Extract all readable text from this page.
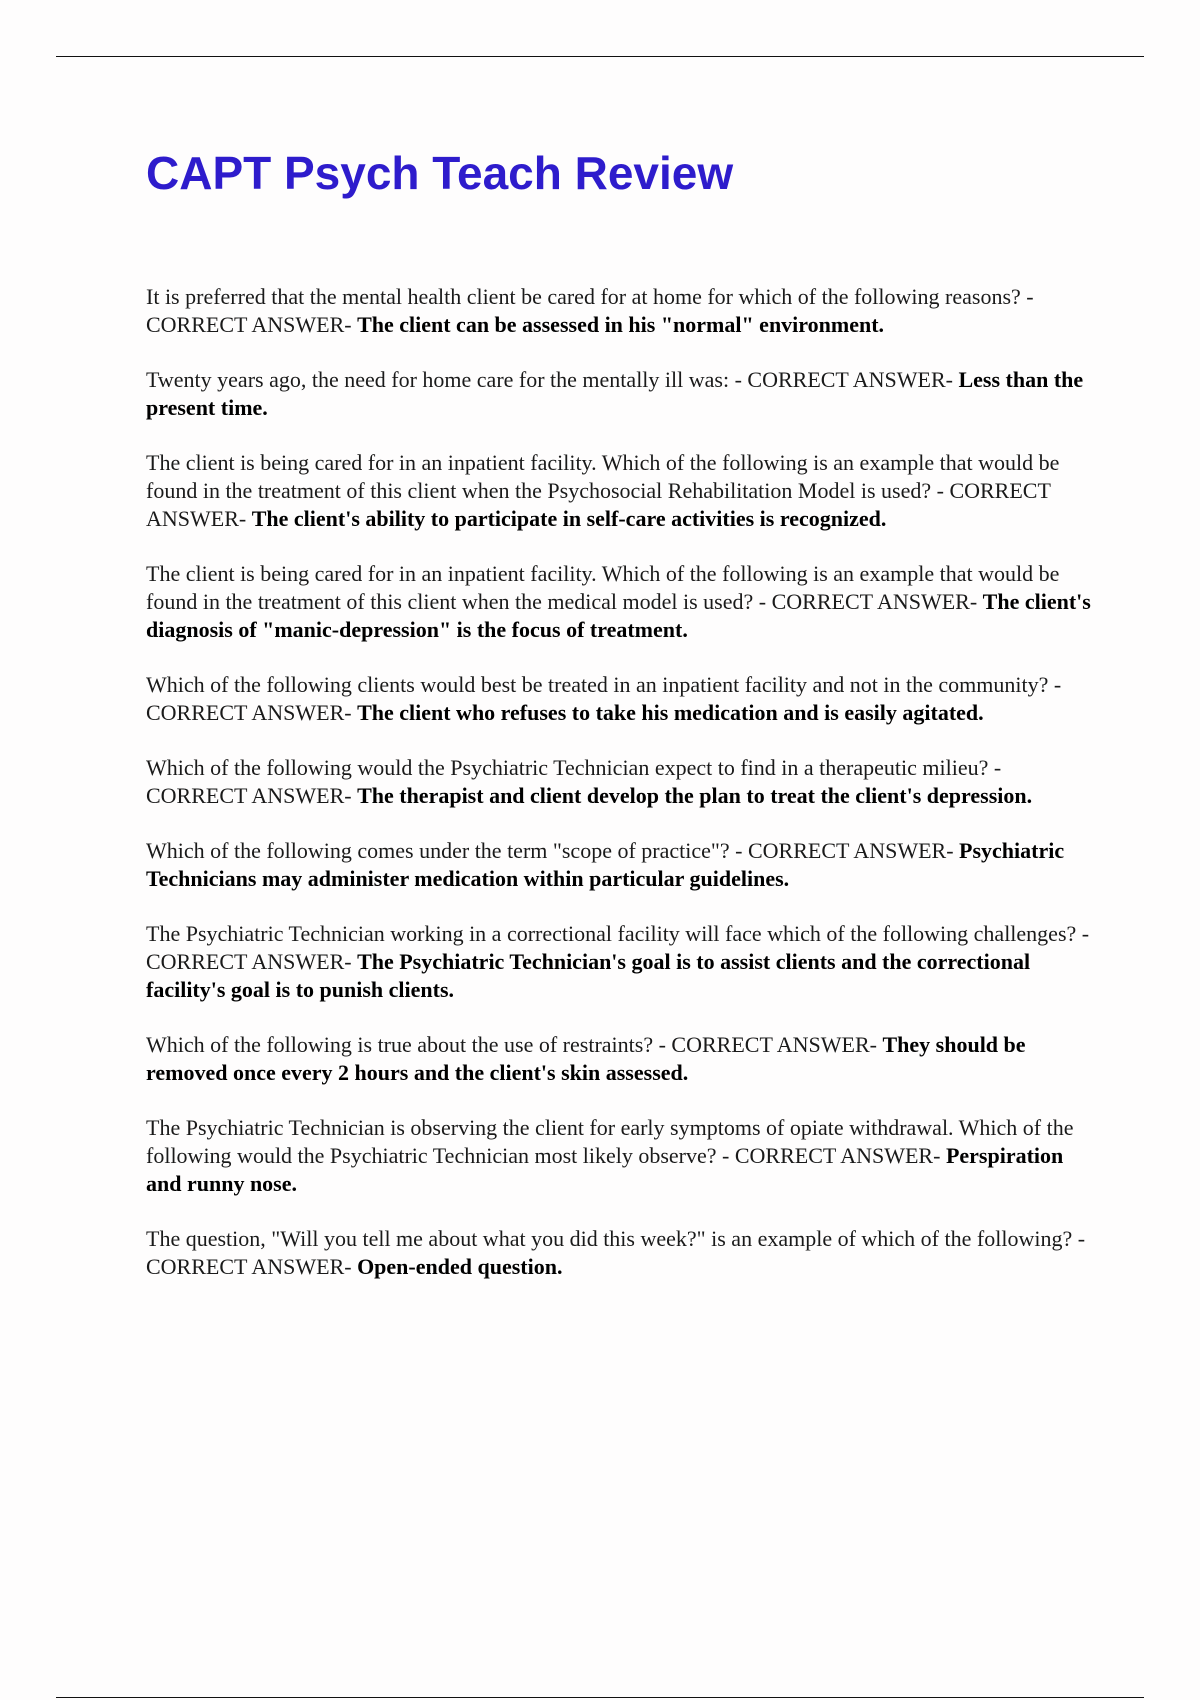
CAPT Psych Teach Review

It is preferred that the mental health client be cared for at home for which of the following reasons? - CORRECT ANSWER- The client can be assessed in his "normal" environment.

Twenty years ago, the need for home care for the mentally ill was: - CORRECT ANSWER- Less than the present time.

The client is being cared for in an inpatient facility. Which of the following is an example that would be found in the treatment of this client when the Psychosocial Rehabilitation Model is used? - CORRECT ANSWER- The client's ability to participate in self-care activities is recognized.

The client is being cared for in an inpatient facility. Which of the following is an example that would be found in the treatment of this client when the medical model is used? - CORRECT ANSWER- The client's diagnosis of "manic-depression" is the focus of treatment.

Which of the following clients would best be treated in an inpatient facility and not in the community? - CORRECT ANSWER- The client who refuses to take his medication and is easily agitated.

Which of the following would the Psychiatric Technician expect to find in a therapeutic milieu? - CORRECT ANSWER- The therapist and client develop the plan to treat the client's depression.

Which of the following comes under the term "scope of practice"? - CORRECT ANSWER- Psychiatric Technicians may administer medication within particular guidelines.

The Psychiatric Technician working in a correctional facility will face which of the following challenges? - CORRECT ANSWER- The Psychiatric Technician's goal is to assist clients and the correctional facility's goal is to punish clients.

Which of the following is true about the use of restraints? - CORRECT ANSWER- They should be removed once every 2 hours and the client's skin assessed.

The Psychiatric Technician is observing the client for early symptoms of opiate withdrawal. Which of the following would the Psychiatric Technician most likely observe? - CORRECT ANSWER- Perspiration and runny nose.

The question, "Will you tell me about what you did this week?" is an example of which of the following? - CORRECT ANSWER- Open-ended question.
